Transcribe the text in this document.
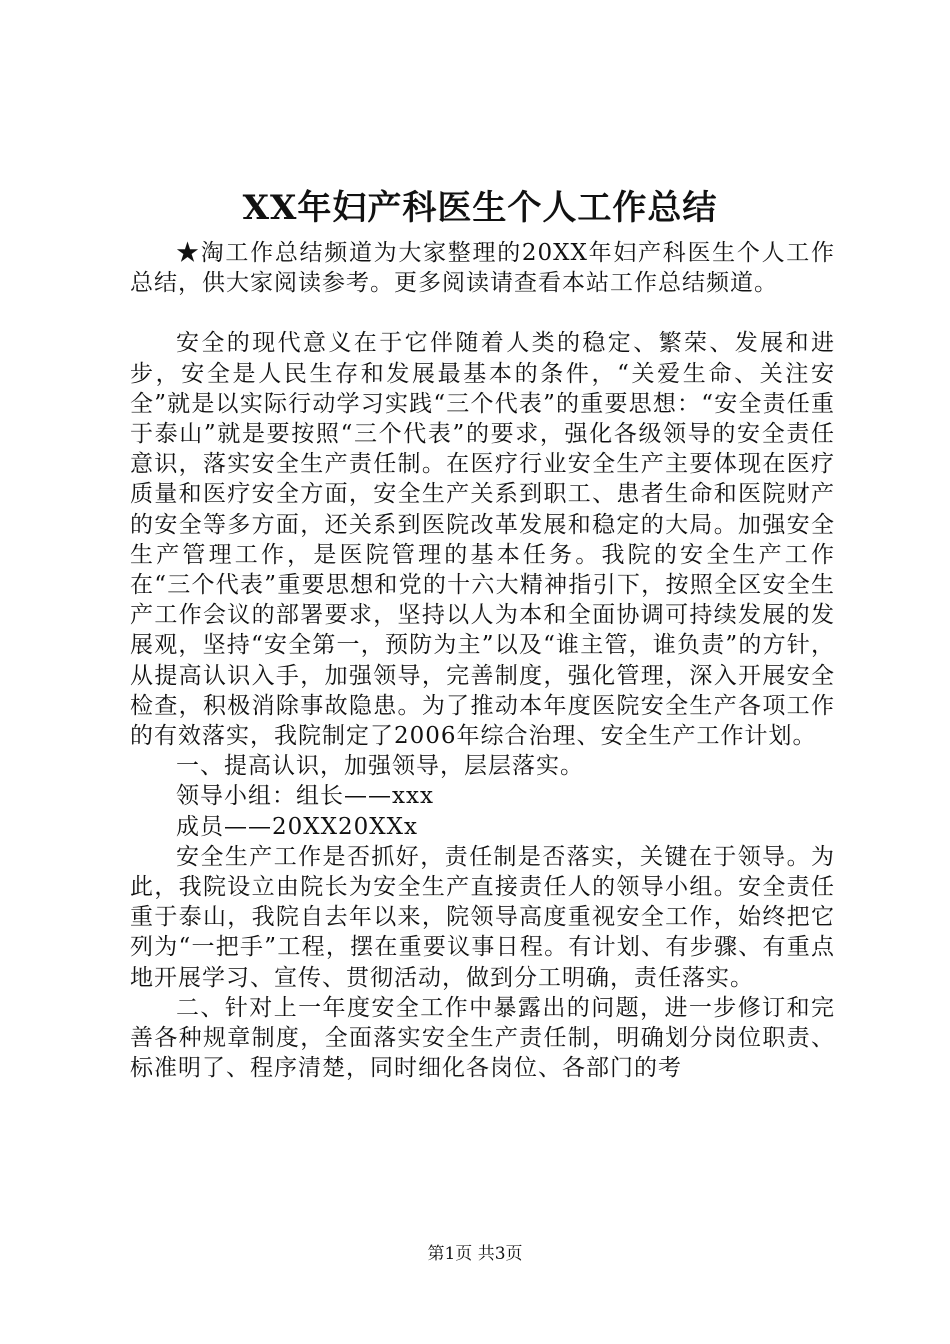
XX年妇产科医生个人工作总结

★淘工作总结频道为大家整理的20XX年妇产科医生个人工作总结，供大家阅读参考。更多阅读请查看本站工作总结频道。

安全的现代意义在于它伴随着人类的稳定、繁荣、发展和进步，安全是人民生存和发展最基本的条件，“关爱生命、关注安全”就是以实际行动学习实践“三个代表”的重要思想：“安全责任重于泰山”就是要按照“三个代表”的要求，强化各级领导的安全责任意识，落实安全生产责任制。在医疗行业安全生产主要体现在医疗质量和医疗安全方面，安全生产关系到职工、患者生命和医院财产的安全等多方面，还关系到医院改革发展和稳定的大局。加强安全生产管理工作，是医院管理的基本任务。我院的安全生产工作在“三个代表”重要思想和党的十六大精神指引下，按照全区安全生产工作会议的部署要求，坚持以人为本和全面协调可持续发展的发展观，坚持“安全第一，预防为主”以及“谁主管，谁负责”的方针，从提高认识入手，加强领导，完善制度，强化管理，深入开展安全检查，积极消除事故隐患。为了推动本年度医院安全生产各项工作的有效落实，我院制定了2006年综合治理、安全生产工作计划。

一、提高认识，加强领导，层层落实。

领导小组：组长——xxx

成员——20XX20XXx

安全生产工作是否抓好，责任制是否落实，关键在于领导。为此，我院设立由院长为安全生产直接责任人的领导小组。安全责任重于泰山，我院自去年以来，院领导高度重视安全工作，始终把它列为“一把手”工程，摆在重要议事日程。有计划、有步骤、有重点地开展学习、宣传、贯彻活动，做到分工明确，责任落实。

二、针对上一年度安全工作中暴露出的问题，进一步修订和完善各种规章制度，全面落实安全生产责任制，明确划分岗位职责、标准明了、程序清楚，同时细化各岗位、各部门的考

第1页 共3页
